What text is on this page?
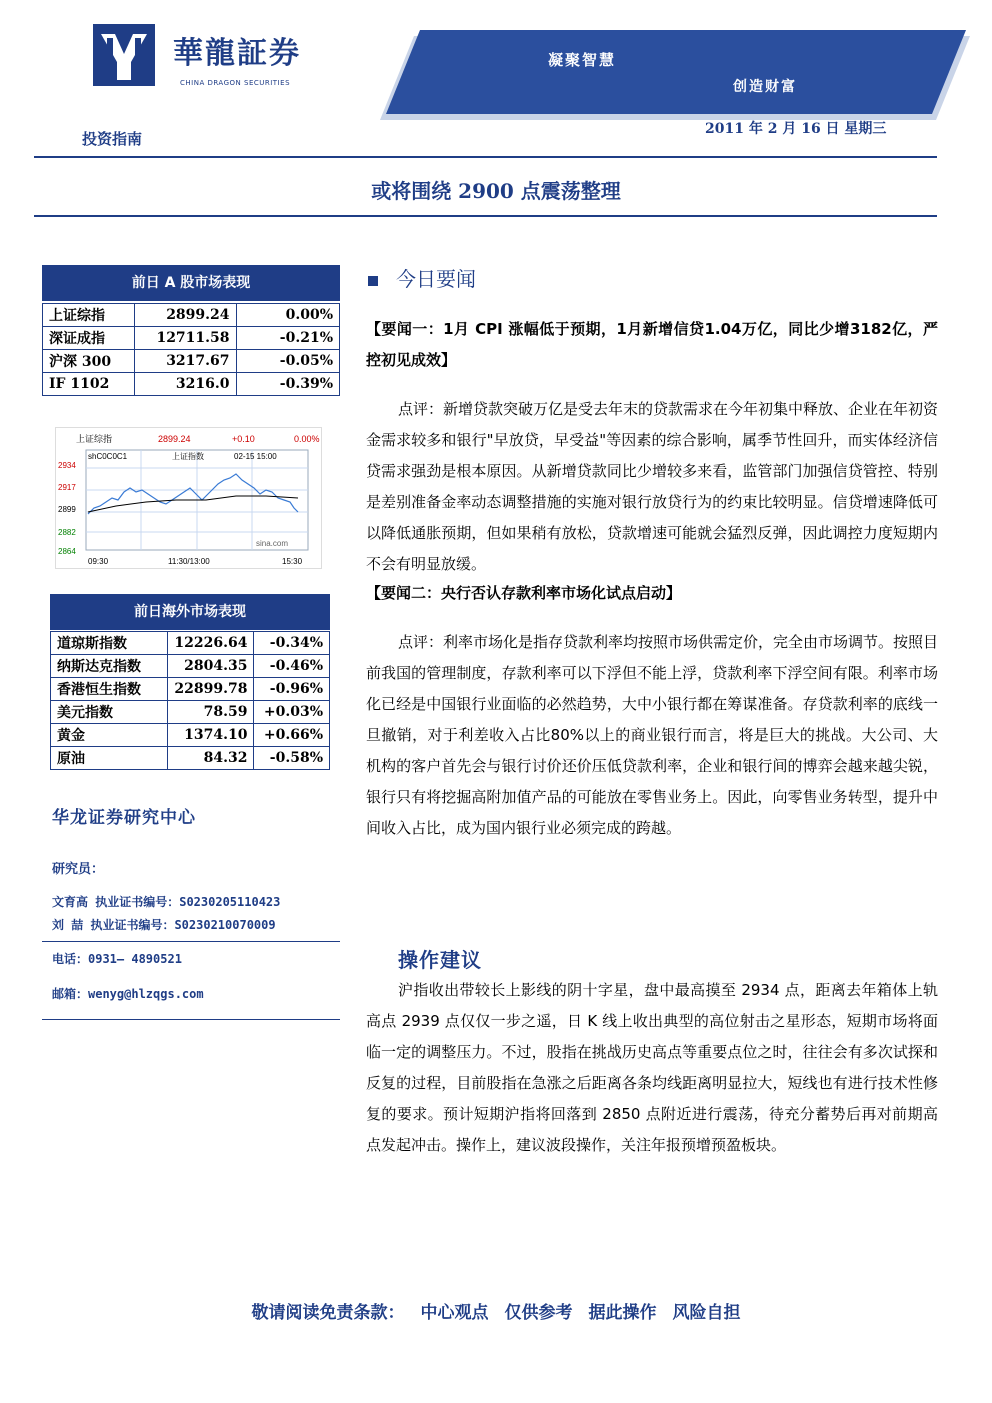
華龍証券
CHINA DRAGON SECURITIES
凝聚智慧
创造财富
2011 年 2 月 16 日 星期三
投资指南
或将围绕 2900 点震荡整理
前日 A 股市场表现
上证综指	2899.24	0.00%
深证成指	12711.58	-0.21%
沪深 300	3217.67	-0.05%
IF 1102	3216.0	-0.39%
上证综指	2899.24	+0.10	0.00%
shC0C0C1	上证指数	02-15 15:00
2934
2917
2899
2882
2864
sina.com
09:30	11:30/13:00	15:30
前日海外市场表现
道琼斯指数	12226.64	-0.34%
纳斯达克指数	2804.35	-0.46%
香港恒生指数	22899.78	-0.96%
美元指数	78.59	+0.03%
黄金	1374.10	+0.66%
原油	84.32	-0.58%
华龙证券研究中心
研究员：
文育高 执业证书编号：S0230205110423
刘 喆 执业证书编号：S0230210070009
电话：0931— 4890521
邮箱：wenyg@hlzqgs.com
今日要闻
【要闻一：1月 CPI 涨幅低于预期，1月新增信贷1.04万亿，同比少增3182亿，严控初见成效】
点评：新增贷款突破万亿是受去年末的贷款需求在今年初集中释放、企业在年初资金需求较多和银行"早放贷，早受益"等因素的综合影响，属季节性回升，而实体经济信贷需求强劲是根本原因。从新增贷款同比少增较多来看，监管部门加强信贷管控、特别是差别准备金率动态调整措施的实施对银行放贷行为的约束比较明显。信贷增速降低可以降低通胀预期，但如果稍有放松，贷款增速可能就会猛烈反弹，因此调控力度短期内不会有明显放缓。
【要闻二：央行否认存款利率市场化试点启动】
点评：利率市场化是指存贷款利率均按照市场供需定价，完全由市场调节。按照目前我国的管理制度，存款利率可以下浮但不能上浮，贷款利率下浮空间有限。利率市场化已经是中国银行业面临的必然趋势，大中小银行都在筹谋准备。存贷款利率的底线一旦撤销，对于利差收入占比80%以上的商业银行而言，将是巨大的挑战。大公司、大机构的客户首先会与银行讨价还价压低贷款利率，企业和银行间的博弈会越来越尖锐，银行只有将挖掘高附加值产品的可能放在零售业务上。因此，向零售业务转型，提升中间收入占比，成为国内银行业必须完成的跨越。
操作建议
沪指收出带较长上影线的阴十字星，盘中最高摸至 2934 点，距离去年箱体上轨高点 2939 点仅仅一步之遥，日 K 线上收出典型的高位射击之星形态，短期市场将面临一定的调整压力。不过，股指在挑战历史高点等重要点位之时，往往会有多次试探和反复的过程，目前股指在急涨之后距离各条均线距离明显拉大，短线也有进行技术性修复的要求。预计短期沪指将回落到 2850 点附近进行震荡，待充分蓄势后再对前期高点发起冲击。操作上，建议波段操作，关注年报预增预盈板块。
敬请阅读免责条款： 中心观点 仅供参考 据此操作 风险自担
